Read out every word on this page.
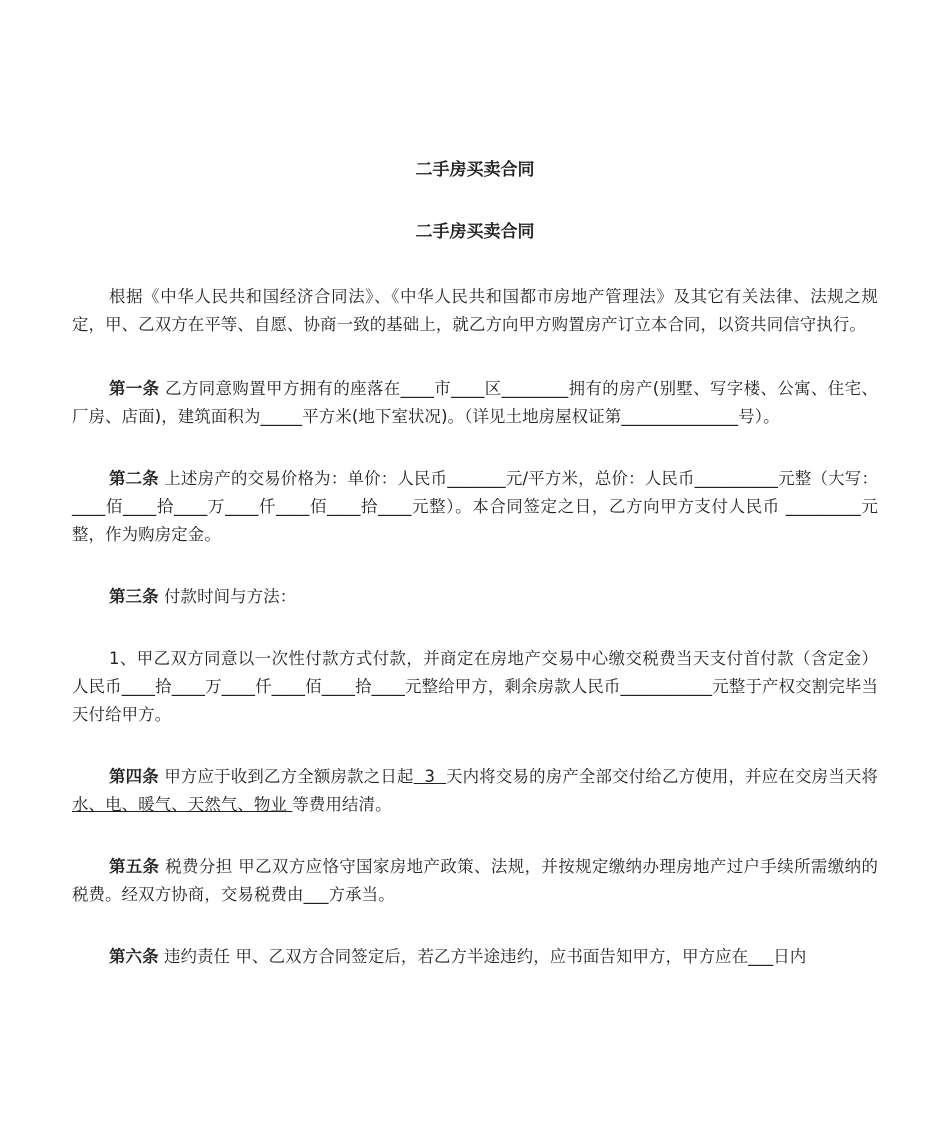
二手房买卖合同

二手房买卖合同

根据《中华人民共和国经济合同法》、《中华人民共和国都市房地产管理法》及其它有关法律、法规之规定，甲、乙双方在平等、自愿、协商一致的基础上，就乙方向甲方购置房产订立本合同，以资共同信守执行。

第一条 乙方同意购置甲方拥有的座落在____市____区________拥有的房产(别墅、写字楼、公寓、住宅、厂房、店面)，建筑面积为_____平方米(地下室状况)。（详见土地房屋权证第______________号）。

第二条 上述房产的交易价格为：单价：人民币_______元/平方米，总价：人民币__________元整（大写：____佰____拾____万____仟____佰____拾____元整）。本合同签定之日，乙方向甲方支付人民币 _________元整，作为购房定金。

第三条 付款时间与方法：

1、甲乙双方同意以一次性付款方式付款，并商定在房地产交易中心缴交税费当天支付首付款（含定金）人民币____拾____万____仟____佰____拾____元整给甲方，剩余房款人民币___________元整于产权交割完毕当天付给甲方。

第四条 甲方应于收到乙方全额房款之日起  3  天内将交易的房产全部交付给乙方使用，并应在交房当天将 水、电、暖气、天然气、物业 等费用结清。

第五条 税费分担 甲乙双方应恪守国家房地产政策、法规，并按规定缴纳办理房地产过户手续所需缴纳的税费。经双方协商，交易税费由___方承当。

第六条 违约责任 甲、乙双方合同签定后，若乙方半途违约，应书面告知甲方，甲方应在___日内
